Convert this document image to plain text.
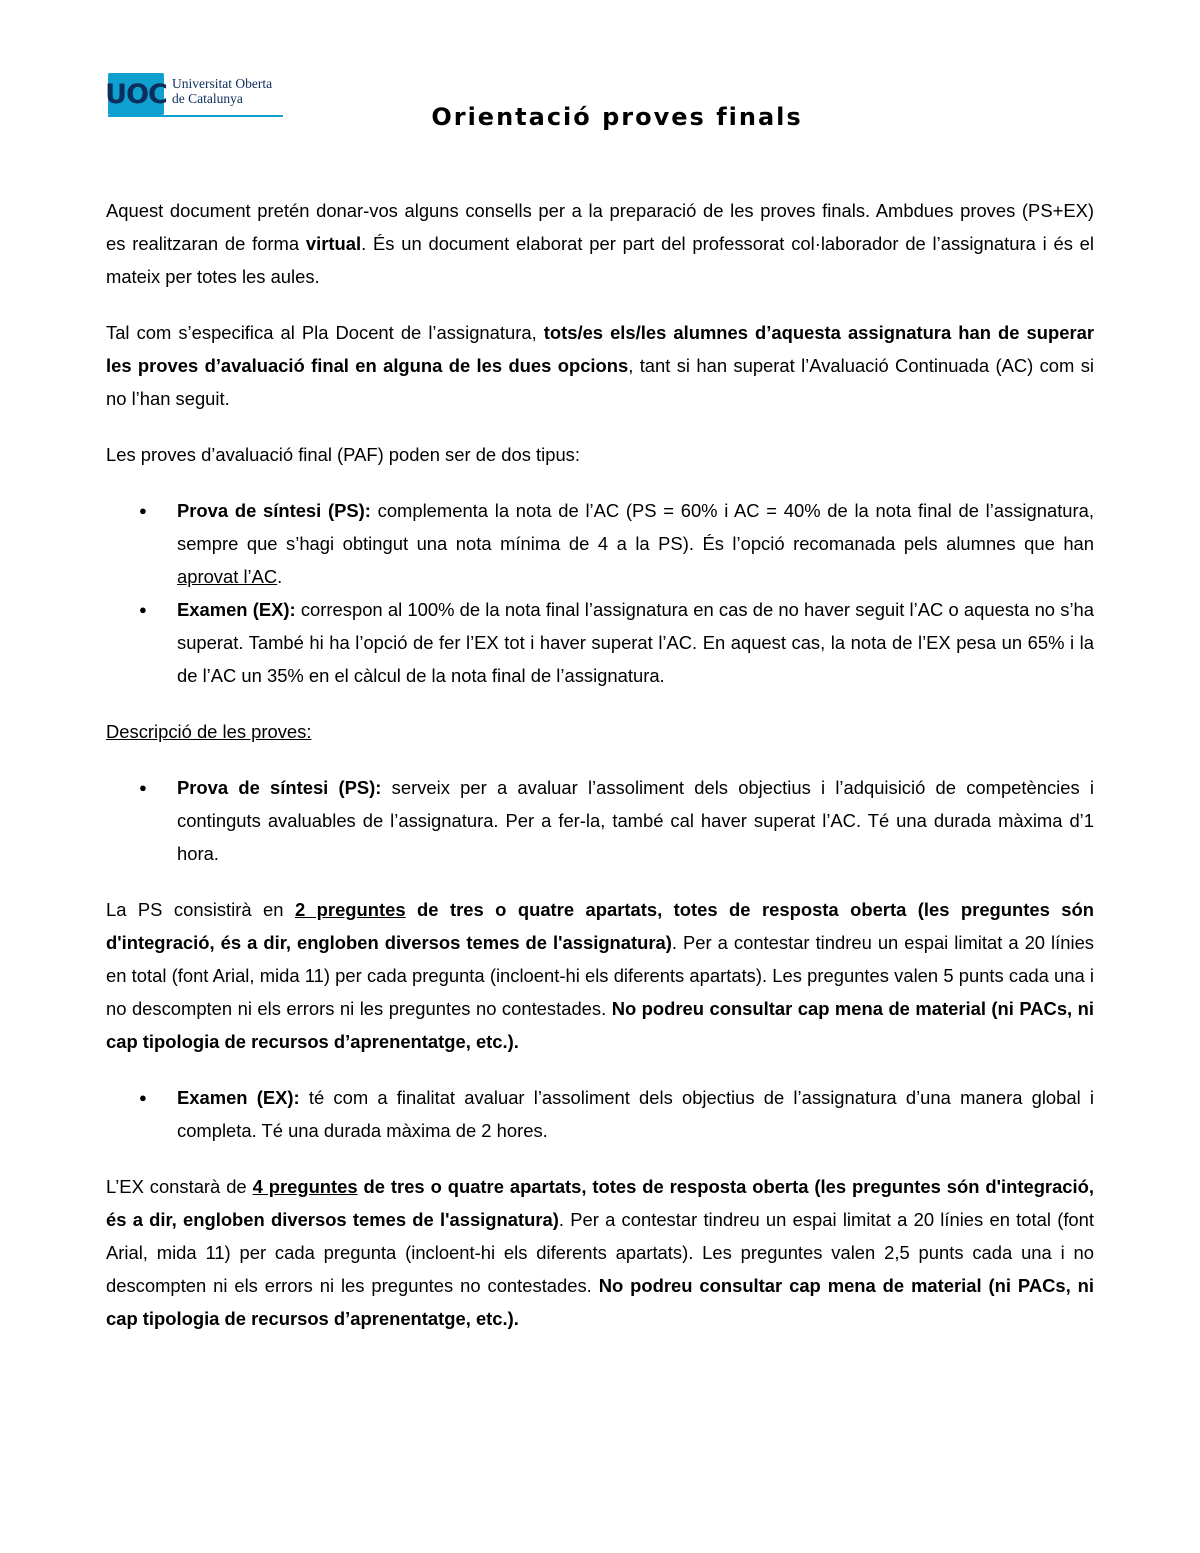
UOC Universitat Oberta
de Catalunya
Orientació proves finals

Aquest document pretén donar-vos alguns consells per a la preparació de les proves finals. Ambdues proves (PS+EX) es realitzaran de forma virtual. És un document elaborat per part del professorat col·laborador de l’assignatura i és el mateix per totes les aules.

Tal com s’especifica al Pla Docent de l’assignatura, tots/es els/les alumnes d’aquesta assignatura han de superar les proves d’avaluació final en alguna de les dues opcions, tant si han superat l’Avaluació Continuada (AC) com si no l’han seguit.

Les proves d’avaluació final (PAF) poden ser de dos tipus:

● Prova de síntesi (PS): complementa la nota de l’AC (PS = 60% i AC = 40% de la nota final de l’assignatura, sempre que s’hagi obtingut una nota mínima de 4 a la PS). És l’opció recomanada pels alumnes que han aprovat l’AC.
● Examen (EX): correspon al 100% de la nota final l’assignatura en cas de no haver seguit l’AC o aquesta no s’ha superat. També hi ha l’opció de fer l’EX tot i haver superat l’AC. En aquest cas, la nota de l’EX pesa un 65% i la de l’AC un 35% en el càlcul de la nota final de l’assignatura.

Descripció de les proves:

● Prova de síntesi (PS): serveix per a avaluar l’assoliment dels objectius i l’adquisició de competències i continguts avaluables de l’assignatura. Per a fer-la, també cal haver superat l’AC. Té una durada màxima d’1 hora.

La PS consistirà en 2 preguntes de tres o quatre apartats, totes de resposta oberta (les preguntes són d'integració, és a dir, engloben diversos temes de l'assignatura). Per a contestar tindreu un espai limitat a 20 línies en total (font Arial, mida 11) per cada pregunta (incloent-hi els diferents apartats). Les preguntes valen 5 punts cada una i no descompten ni els errors ni les preguntes no contestades. No podreu consultar cap mena de material (ni PACs, ni cap tipologia de recursos d’aprenentatge, etc.).

● Examen (EX): té com a finalitat avaluar l’assoliment dels objectius de l’assignatura d’una manera global i completa. Té una durada màxima de 2 hores.

L’EX constarà de 4 preguntes de tres o quatre apartats, totes de resposta oberta (les preguntes són d'integració, és a dir, engloben diversos temes de l'assignatura). Per a contestar tindreu un espai limitat a 20 línies en total (font Arial, mida 11) per cada pregunta (incloent-hi els diferents apartats). Les preguntes valen 2,5 punts cada una i no descompten ni els errors ni les preguntes no contestades. No podreu consultar cap mena de material (ni PACs, ni cap tipologia de recursos d’aprenentatge, etc.).
